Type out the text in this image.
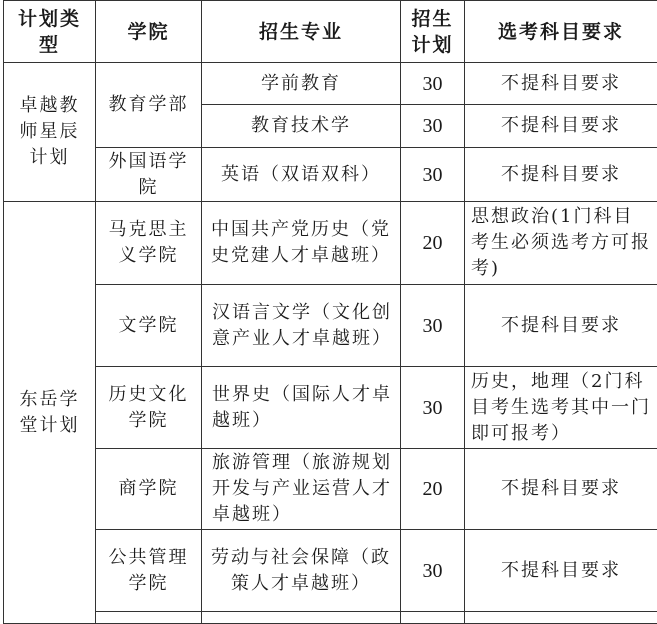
计划类型	学院	招生专业	招生计划	选考科目要求
卓越教师星辰计划	教育学部	学前教育	30	不提科目要求
		教育技术学	30	不提科目要求
	外国语学院	英语（双语双科）	30	不提科目要求
东岳学堂计划	马克思主义学院	中国共产党历史（党史党建人才卓越班）	20	思想政治(1门科目考生必须选考方可报考)
	文学院	汉语言文学（文化创意产业人才卓越班）	30	不提科目要求
	历史文化学院	世界史（国际人才卓越班）	30	历史，地理（2门科目考生选考其中一门即可报考）
	商学院	旅游管理（旅游规划开发与产业运营人才卓越班）	20	不提科目要求
	公共管理学院	劳动与社会保障（政策人才卓越班）	30	不提科目要求
